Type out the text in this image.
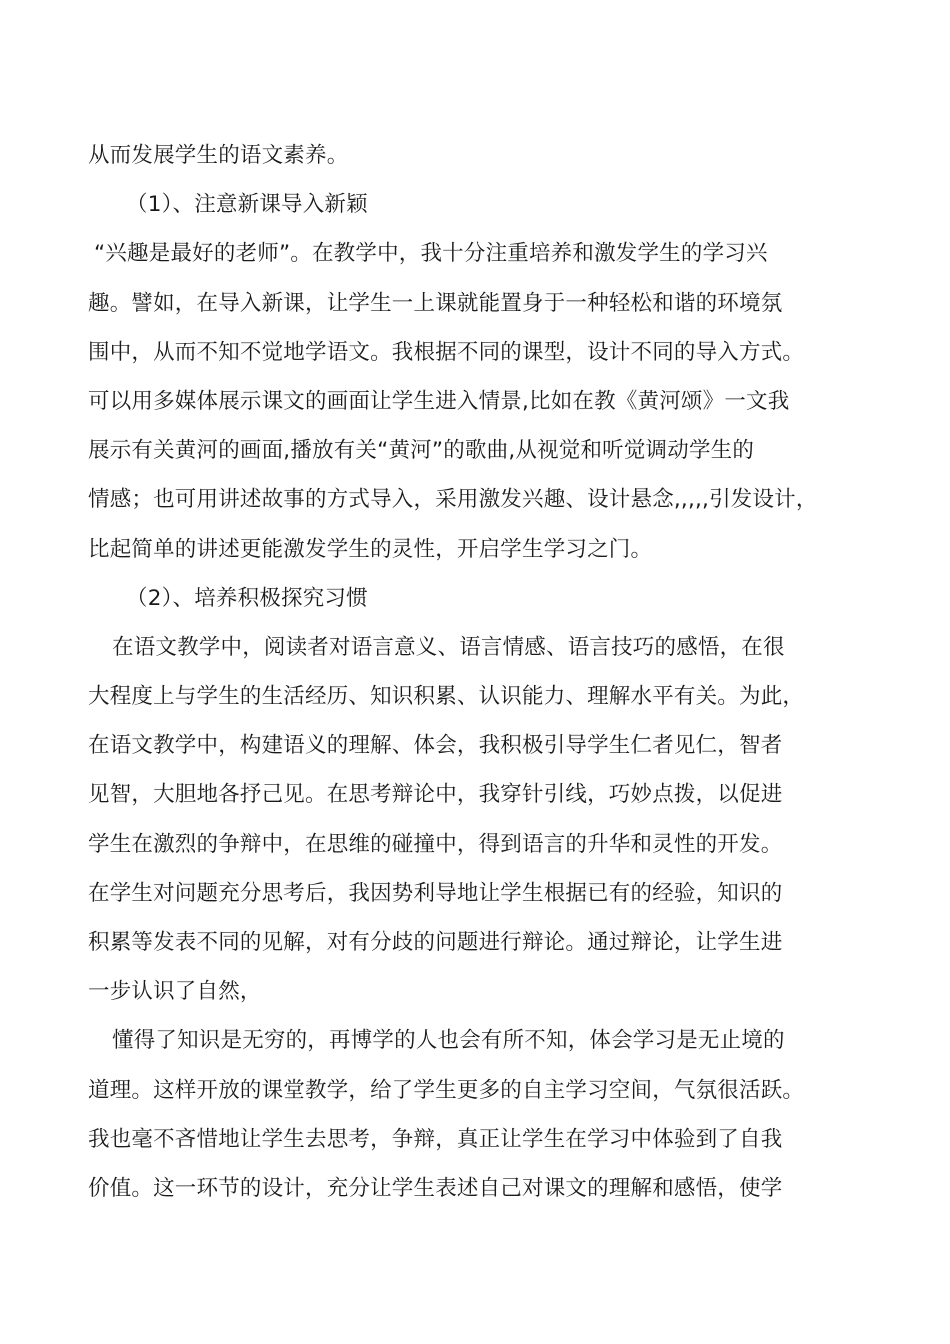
从而发展学生的语文素养。
（1）、注意新课导入新颖
“兴趣是最好的老师”。在教学中，我十分注重培养和激发学生的学习兴
趣。譬如，在导入新课，让学生一上课就能置身于一种轻松和谐的环境氛
围中，从而不知不觉地学语文。我根据不同的课型，设计不同的导入方式。
可以用多媒体展示课文的画面让学生进入情景,比如在教《黄河颂》一文我
展示有关黄河的画面,播放有关“黄河”的歌曲,从视觉和听觉调动学生的
情感；也可用讲述故事的方式导入，采用激发兴趣、设计悬念,,,,,引发设计，
比起简单的讲述更能激发学生的灵性，开启学生学习之门。
（2）、培养积极探究习惯
在语文教学中，阅读者对语言意义、语言情感、语言技巧的感悟，在很
大程度上与学生的生活经历、知识积累、认识能力、理解水平有关。为此，
在语文教学中，构建语义的理解、体会，我积极引导学生仁者见仁，智者
见智，大胆地各抒己见。在思考辩论中，我穿针引线，巧妙点拨，以促进
学生在激烈的争辩中，在思维的碰撞中，得到语言的升华和灵性的开发。
在学生对问题充分思考后，我因势利导地让学生根据已有的经验，知识的
积累等发表不同的见解，对有分歧的问题进行辩论。通过辩论，让学生进
一步认识了自然，
懂得了知识是无穷的，再博学的人也会有所不知，体会学习是无止境的
道理。这样开放的课堂教学，给了学生更多的自主学习空间，气氛很活跃。
我也毫不吝惜地让学生去思考，争辩，真正让学生在学习中体验到了自我
价值。这一环节的设计，充分让学生表述自己对课文的理解和感悟，使学
